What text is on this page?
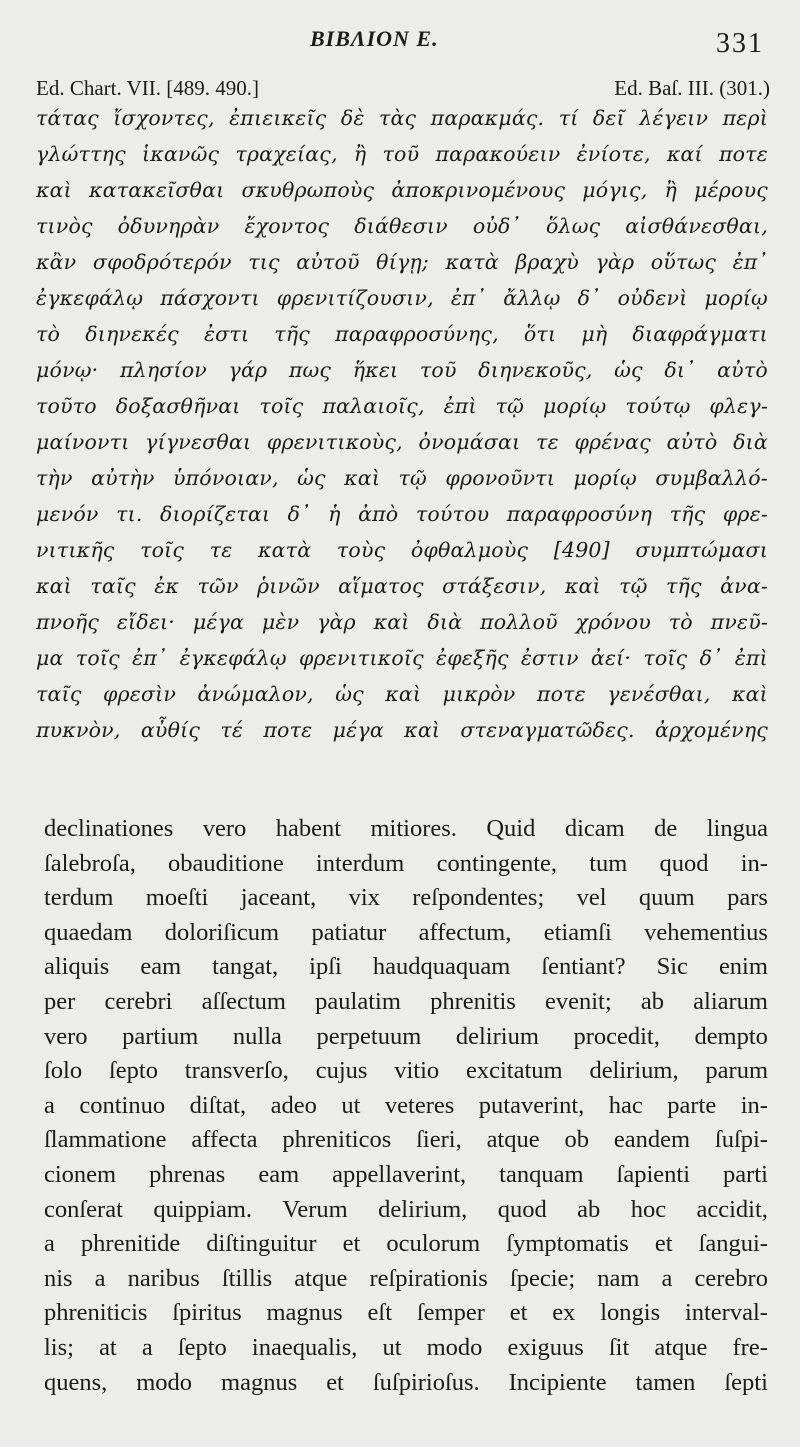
ΒΙΒΛΙΟΝ Ε.	331
Ed. Chart. VII. [489. 490.]	Ed. Baſ. III. (301.)
τάτας ἴσχοντες, ἐπιεικεῖς δὲ τὰς παρακμάς. τί δεῖ λέγειν περὶ
γλώττης ἱκανῶς τραχείας, ἢ τοῦ παρακούειν ἐνίοτε, καί ποτε
καὶ κατακεῖσθαι σκυθρωποὺς ἀποκρινομένους μόγις, ἢ μέρους
τινὸς ὀδυνηρὰν ἔχοντος διάθεσιν οὐδ᾽ ὅλως αἰσθάνεσθαι,
κἂν σφοδρότερόν τις αὐτοῦ θίγῃ; κατὰ βραχὺ γὰρ οὕτως ἐπ᾽
ἐγκεφάλῳ πάσχοντι φρενιτίζουσιν, ἐπ᾽ ἄλλῳ δ᾽ οὐδενὶ μορίῳ
τὸ διηνεκές ἐστι τῆς παραφροσύνης, ὅτι μὴ διαφράγματι
μόνῳ· πλησίον γάρ πως ἥκει τοῦ διηνεκοῦς, ὡς δι᾽ αὐτὸ
τοῦτο δοξασθῆναι τοῖς παλαιοῖς, ἐπὶ τῷ μορίῳ τούτῳ φλεγ-
μαίνοντι γίγνεσθαι φρενιτικοὺς, ὀνομάσαι τε φρένας αὐτὸ διὰ
τὴν αὐτὴν ὑπόνοιαν, ὡς καὶ τῷ φρονοῦντι μορίῳ συμβαλλό-
μενόν τι. διορίζεται δ᾽ ἡ ἀπὸ τούτου παραφροσύνη τῆς φρε-
νιτικῆς τοῖς τε κατὰ τοὺς ὀφθαλμοὺς [490] συμπτώμασι
καὶ ταῖς ἐκ τῶν ῥινῶν αἵματος στάξεσιν, καὶ τῷ τῆς ἀνα-
πνοῆς εἴδει· μέγα μὲν γὰρ καὶ διὰ πολλοῦ χρόνου τὸ πνεῦ-
μα τοῖς ἐπ᾽ ἐγκεφάλῳ φρενιτικοῖς ἐφεξῆς ἐστιν ἀεί· τοῖς δ᾽ ἐπὶ
ταῖς φρεσὶν ἀνώμαλον, ὡς καὶ μικρὸν ποτε γενέσθαι, καὶ
πυκνὸν, αὖθίς τέ ποτε μέγα καὶ στεναγματῶδες. ἀρχομένης
declinationes vero habent mitiores. Quid dicam de lingua
ſalebroſa, obauditione interdum contingente, tum quod in-
terdum moeſti jaceant, vix reſpondentes; vel quum pars
quaedam doloriſicum patiatur affectum, etiamſi vehementius
aliquis eam tangat, ipſi haudquaquam ſentiant? Sic enim
per cerebri aſſectum paulatim phrenitis evenit; ab aliarum
vero partium nulla perpetuum delirium procedit, dempto
ſolo ſepto transverſo, cujus vitio excitatum delirium, parum
a continuo diſtat, adeo ut veteres putaverint, hac parte in-
ſlammatione affecta phreniticos ſieri, atque ob eandem ſuſpi-
cionem phrenas eam appellaverint, tanquam ſapienti parti
conſerat quippiam. Verum delirium, quod ab hoc accidit,
a phrenitide diſtinguitur et oculorum ſymptomatis et ſangui-
nis a naribus ſtillis atque reſpirationis ſpecie; nam a cerebro
phreniticis ſpiritus magnus eſt ſemper et ex longis interval-
lis; at a ſepto inaequalis, ut modo exiguus ſit atque fre-
quens, modo magnus et ſuſpirioſus. Incipiente tamen ſepti
